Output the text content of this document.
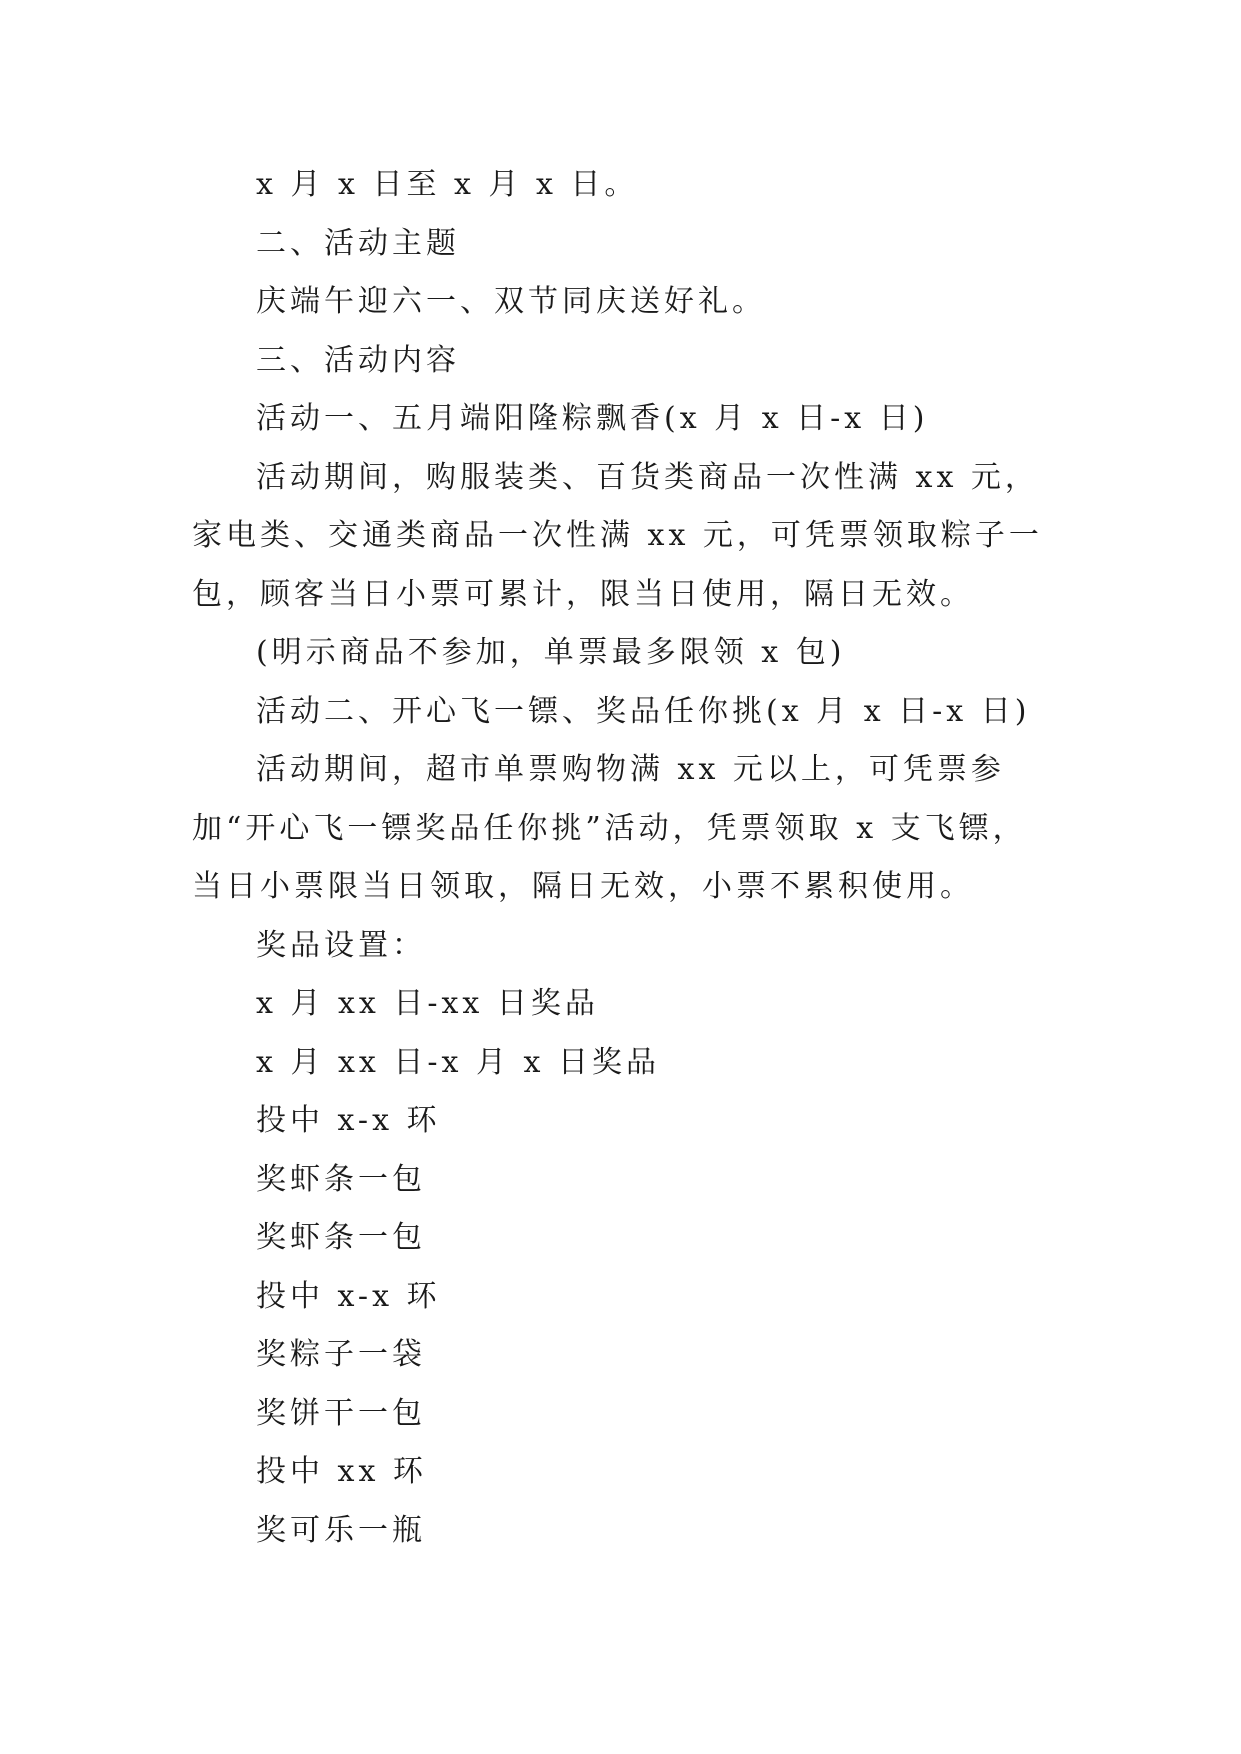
x 月 x 日至 x 月 x 日。

二、活动主题

庆端午迎六一、双节同庆送好礼。

三、活动内容

活动一、五月端阳隆粽飘香(x 月 x 日-x 日)

活动期间，购服装类、百货类商品一次性满 xx 元，家电类、交通类商品一次性满 xx 元，可凭票领取粽子一包，顾客当日小票可累计，限当日使用，隔日无效。

(明示商品不参加，单票最多限领 x 包)

活动二、开心飞一镖、奖品任你挑(x 月 x 日-x 日)

活动期间，超市单票购物满 xx 元以上，可凭票参加“开心飞一镖奖品任你挑”活动，凭票领取 x 支飞镖，当日小票限当日领取，隔日无效，小票不累积使用。

奖品设置：

x 月 xx 日-xx 日奖品

x 月 xx 日-x 月 x 日奖品

投中 x-x 环

奖虾条一包

奖虾条一包

投中 x-x 环

奖粽子一袋

奖饼干一包

投中 xx 环

奖可乐一瓶
